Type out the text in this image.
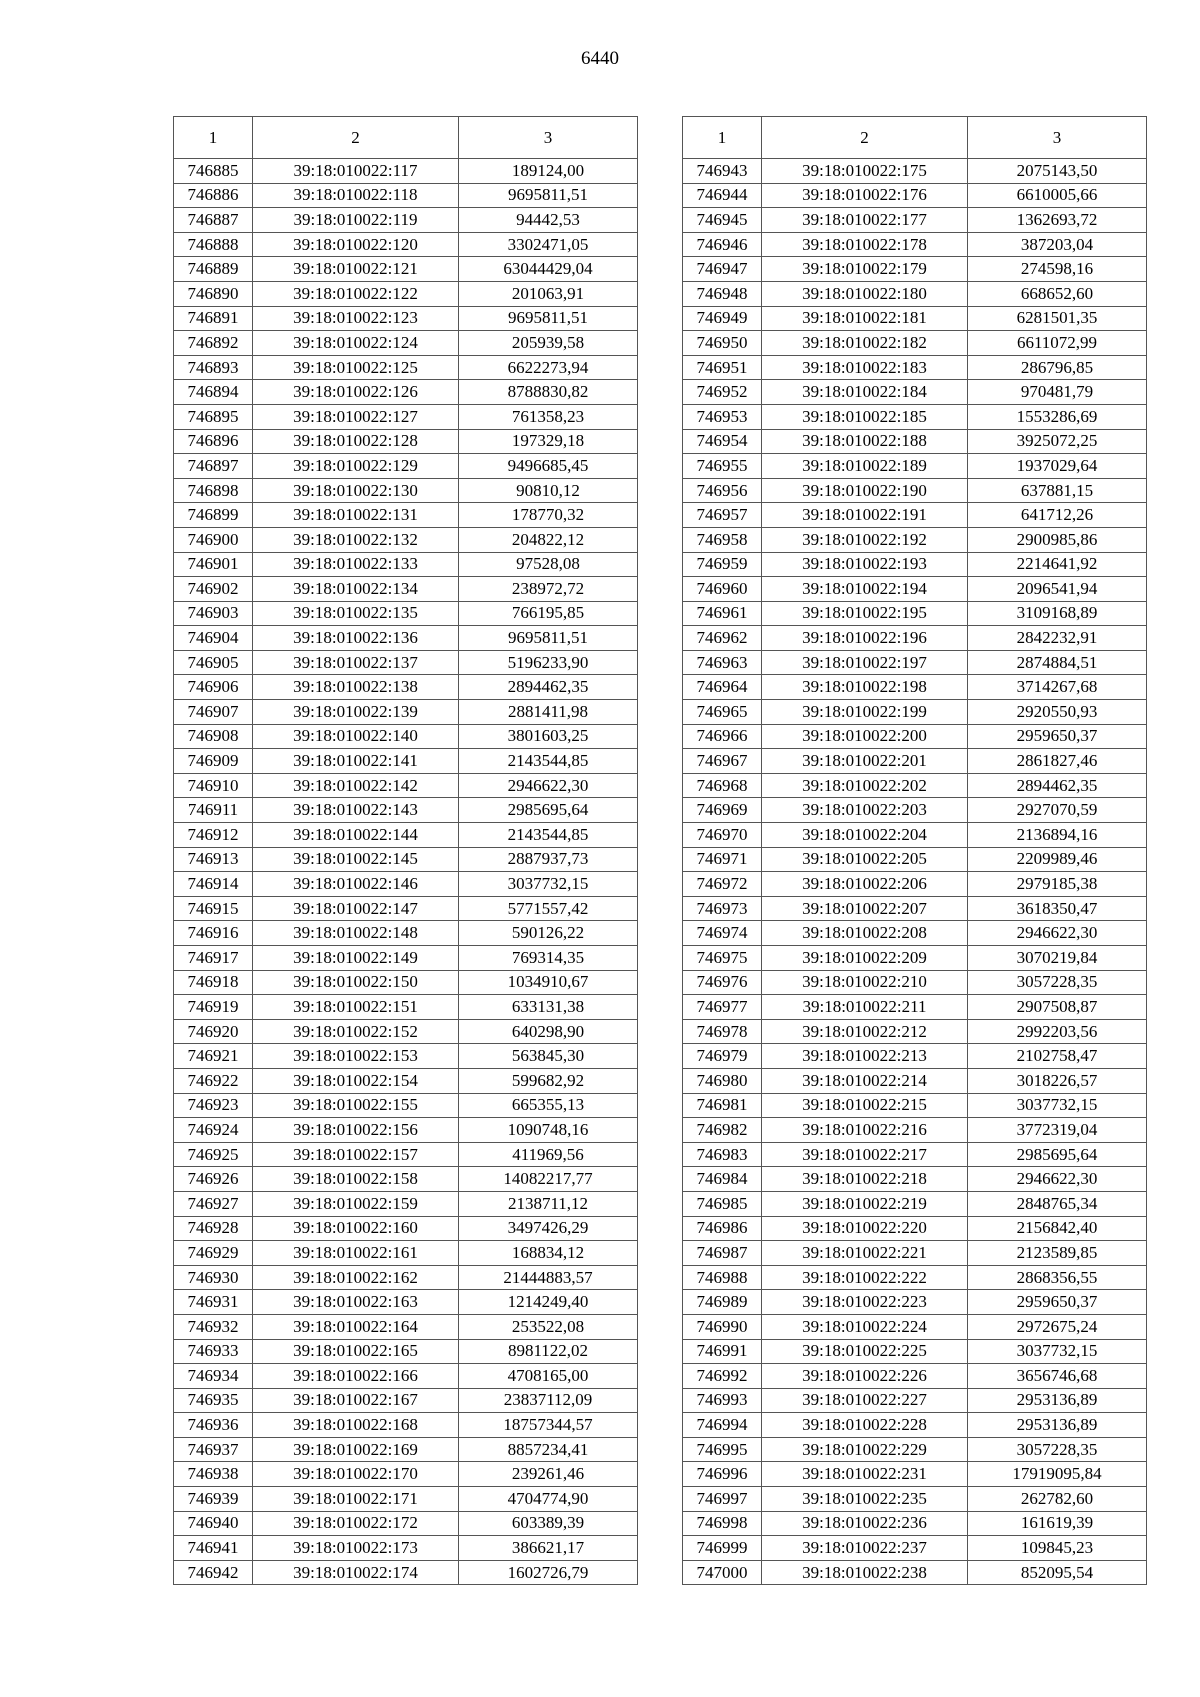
6440
1	2	3
746885	39:18:010022:117	189124,00
746886	39:18:010022:118	9695811,51
746887	39:18:010022:119	94442,53
746888	39:18:010022:120	3302471,05
746889	39:18:010022:121	63044429,04
746890	39:18:010022:122	201063,91
746891	39:18:010022:123	9695811,51
746892	39:18:010022:124	205939,58
746893	39:18:010022:125	6622273,94
746894	39:18:010022:126	8788830,82
746895	39:18:010022:127	761358,23
746896	39:18:010022:128	197329,18
746897	39:18:010022:129	9496685,45
746898	39:18:010022:130	90810,12
746899	39:18:010022:131	178770,32
746900	39:18:010022:132	204822,12
746901	39:18:010022:133	97528,08
746902	39:18:010022:134	238972,72
746903	39:18:010022:135	766195,85
746904	39:18:010022:136	9695811,51
746905	39:18:010022:137	5196233,90
746906	39:18:010022:138	2894462,35
746907	39:18:010022:139	2881411,98
746908	39:18:010022:140	3801603,25
746909	39:18:010022:141	2143544,85
746910	39:18:010022:142	2946622,30
746911	39:18:010022:143	2985695,64
746912	39:18:010022:144	2143544,85
746913	39:18:010022:145	2887937,73
746914	39:18:010022:146	3037732,15
746915	39:18:010022:147	5771557,42
746916	39:18:010022:148	590126,22
746917	39:18:010022:149	769314,35
746918	39:18:010022:150	1034910,67
746919	39:18:010022:151	633131,38
746920	39:18:010022:152	640298,90
746921	39:18:010022:153	563845,30
746922	39:18:010022:154	599682,92
746923	39:18:010022:155	665355,13
746924	39:18:010022:156	1090748,16
746925	39:18:010022:157	411969,56
746926	39:18:010022:158	14082217,77
746927	39:18:010022:159	2138711,12
746928	39:18:010022:160	3497426,29
746929	39:18:010022:161	168834,12
746930	39:18:010022:162	21444883,57
746931	39:18:010022:163	1214249,40
746932	39:18:010022:164	253522,08
746933	39:18:010022:165	8981122,02
746934	39:18:010022:166	4708165,00
746935	39:18:010022:167	23837112,09
746936	39:18:010022:168	18757344,57
746937	39:18:010022:169	8857234,41
746938	39:18:010022:170	239261,46
746939	39:18:010022:171	4704774,90
746940	39:18:010022:172	603389,39
746941	39:18:010022:173	386621,17
746942	39:18:010022:174	1602726,79
1	2	3
746943	39:18:010022:175	2075143,50
746944	39:18:010022:176	6610005,66
746945	39:18:010022:177	1362693,72
746946	39:18:010022:178	387203,04
746947	39:18:010022:179	274598,16
746948	39:18:010022:180	668652,60
746949	39:18:010022:181	6281501,35
746950	39:18:010022:182	6611072,99
746951	39:18:010022:183	286796,85
746952	39:18:010022:184	970481,79
746953	39:18:010022:185	1553286,69
746954	39:18:010022:188	3925072,25
746955	39:18:010022:189	1937029,64
746956	39:18:010022:190	637881,15
746957	39:18:010022:191	641712,26
746958	39:18:010022:192	2900985,86
746959	39:18:010022:193	2214641,92
746960	39:18:010022:194	2096541,94
746961	39:18:010022:195	3109168,89
746962	39:18:010022:196	2842232,91
746963	39:18:010022:197	2874884,51
746964	39:18:010022:198	3714267,68
746965	39:18:010022:199	2920550,93
746966	39:18:010022:200	2959650,37
746967	39:18:010022:201	2861827,46
746968	39:18:010022:202	2894462,35
746969	39:18:010022:203	2927070,59
746970	39:18:010022:204	2136894,16
746971	39:18:010022:205	2209989,46
746972	39:18:010022:206	2979185,38
746973	39:18:010022:207	3618350,47
746974	39:18:010022:208	2946622,30
746975	39:18:010022:209	3070219,84
746976	39:18:010022:210	3057228,35
746977	39:18:010022:211	2907508,87
746978	39:18:010022:212	2992203,56
746979	39:18:010022:213	2102758,47
746980	39:18:010022:214	3018226,57
746981	39:18:010022:215	3037732,15
746982	39:18:010022:216	3772319,04
746983	39:18:010022:217	2985695,64
746984	39:18:010022:218	2946622,30
746985	39:18:010022:219	2848765,34
746986	39:18:010022:220	2156842,40
746987	39:18:010022:221	2123589,85
746988	39:18:010022:222	2868356,55
746989	39:18:010022:223	2959650,37
746990	39:18:010022:224	2972675,24
746991	39:18:010022:225	3037732,15
746992	39:18:010022:226	3656746,68
746993	39:18:010022:227	2953136,89
746994	39:18:010022:228	2953136,89
746995	39:18:010022:229	3057228,35
746996	39:18:010022:231	17919095,84
746997	39:18:010022:235	262782,60
746998	39:18:010022:236	161619,39
746999	39:18:010022:237	109845,23
747000	39:18:010022:238	852095,54
